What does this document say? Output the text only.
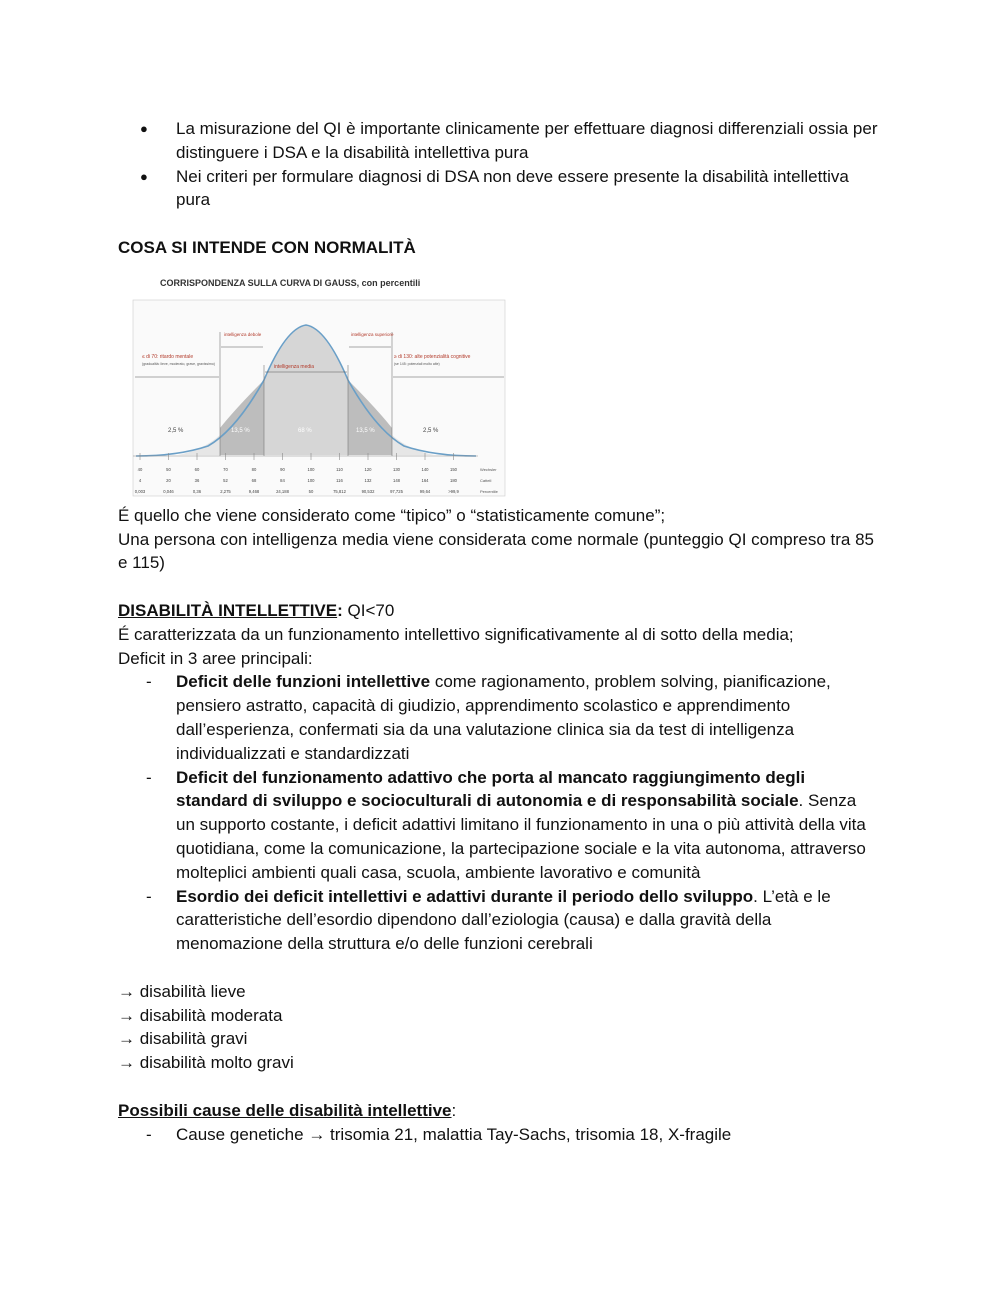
● La misurazione del QI è importante clinicamente per effettuare diagnosi differenziali ossia per distinguere i DSA e la disabilità intellettiva pura
● Nei criteri per formulare diagnosi di DSA non deve essere presente la disabilità intellettiva pura

COSA SI INTENDE CON NORMALITÀ

CORRISPONDENZA SULLA CURVA DI GAUSS, con percentili
≤ di 70: ritardo mentale
(gradualità: lieve, moderato, grave, gravissimo)
intelligenza debole
intelligenza media
intelligenza superiore
≥ di 130: alte potenzialità cognitive
(se 145: potenziali molto alte)
2,5 %	13,5 %	68 %	13,5 %	2,5 %
40
4
0,003
50
20
0,046
60
36
0,36
70
52
2,275
80
68
9,468
90
84
24,188
100
100
50
110
116
75,812
120
132
90,532
130
148
97,725
140
164
99,64
150
180
>99,9
Wechsler
Cattell
Percentile

É quello che viene considerato come “tipico” o “statisticamente comune”;

Una persona con intelligenza media viene considerata come normale (punteggio QI compreso tra 85 e 115)

DISABILITÀ INTELLETTIVE: QI<70

É caratterizzata da un funzionamento intellettivo significativamente al di sotto della media;

Deficit in 3 aree principali:

- Deficit delle funzioni intellettive come ragionamento, problem solving, pianificazione, pensiero astratto, capacità di giudizio, apprendimento scolastico e apprendimento dall’esperienza, confermati sia da una valutazione clinica sia da test di intelligenza individualizzati e standardizzati
- Deficit del funzionamento adattivo che porta al mancato raggiungimento degli standard di sviluppo e socioculturali di autonomia e di responsabilità sociale. Senza un supporto costante, i deficit adattivi limitano il funzionamento in una o più attività della vita quotidiana, come la comunicazione, la partecipazione sociale e la vita autonoma, attraverso molteplici ambienti quali casa, scuola, ambiente lavorativo e comunità
- Esordio dei deficit intellettivi e adattivi durante il periodo dello sviluppo. L’età e le caratteristiche dell’esordio dipendono dall’eziologia (causa) e dalla gravità della menomazione della struttura e/o delle funzioni cerebrali

→ disabilità lieve

→ disabilità moderata

→ disabilità gravi

→ disabilità molto gravi

Possibili cause delle disabilità intellettive:

- Cause genetiche → trisomia 21, malattia Tay-Sachs, trisomia 18, X-fragile
